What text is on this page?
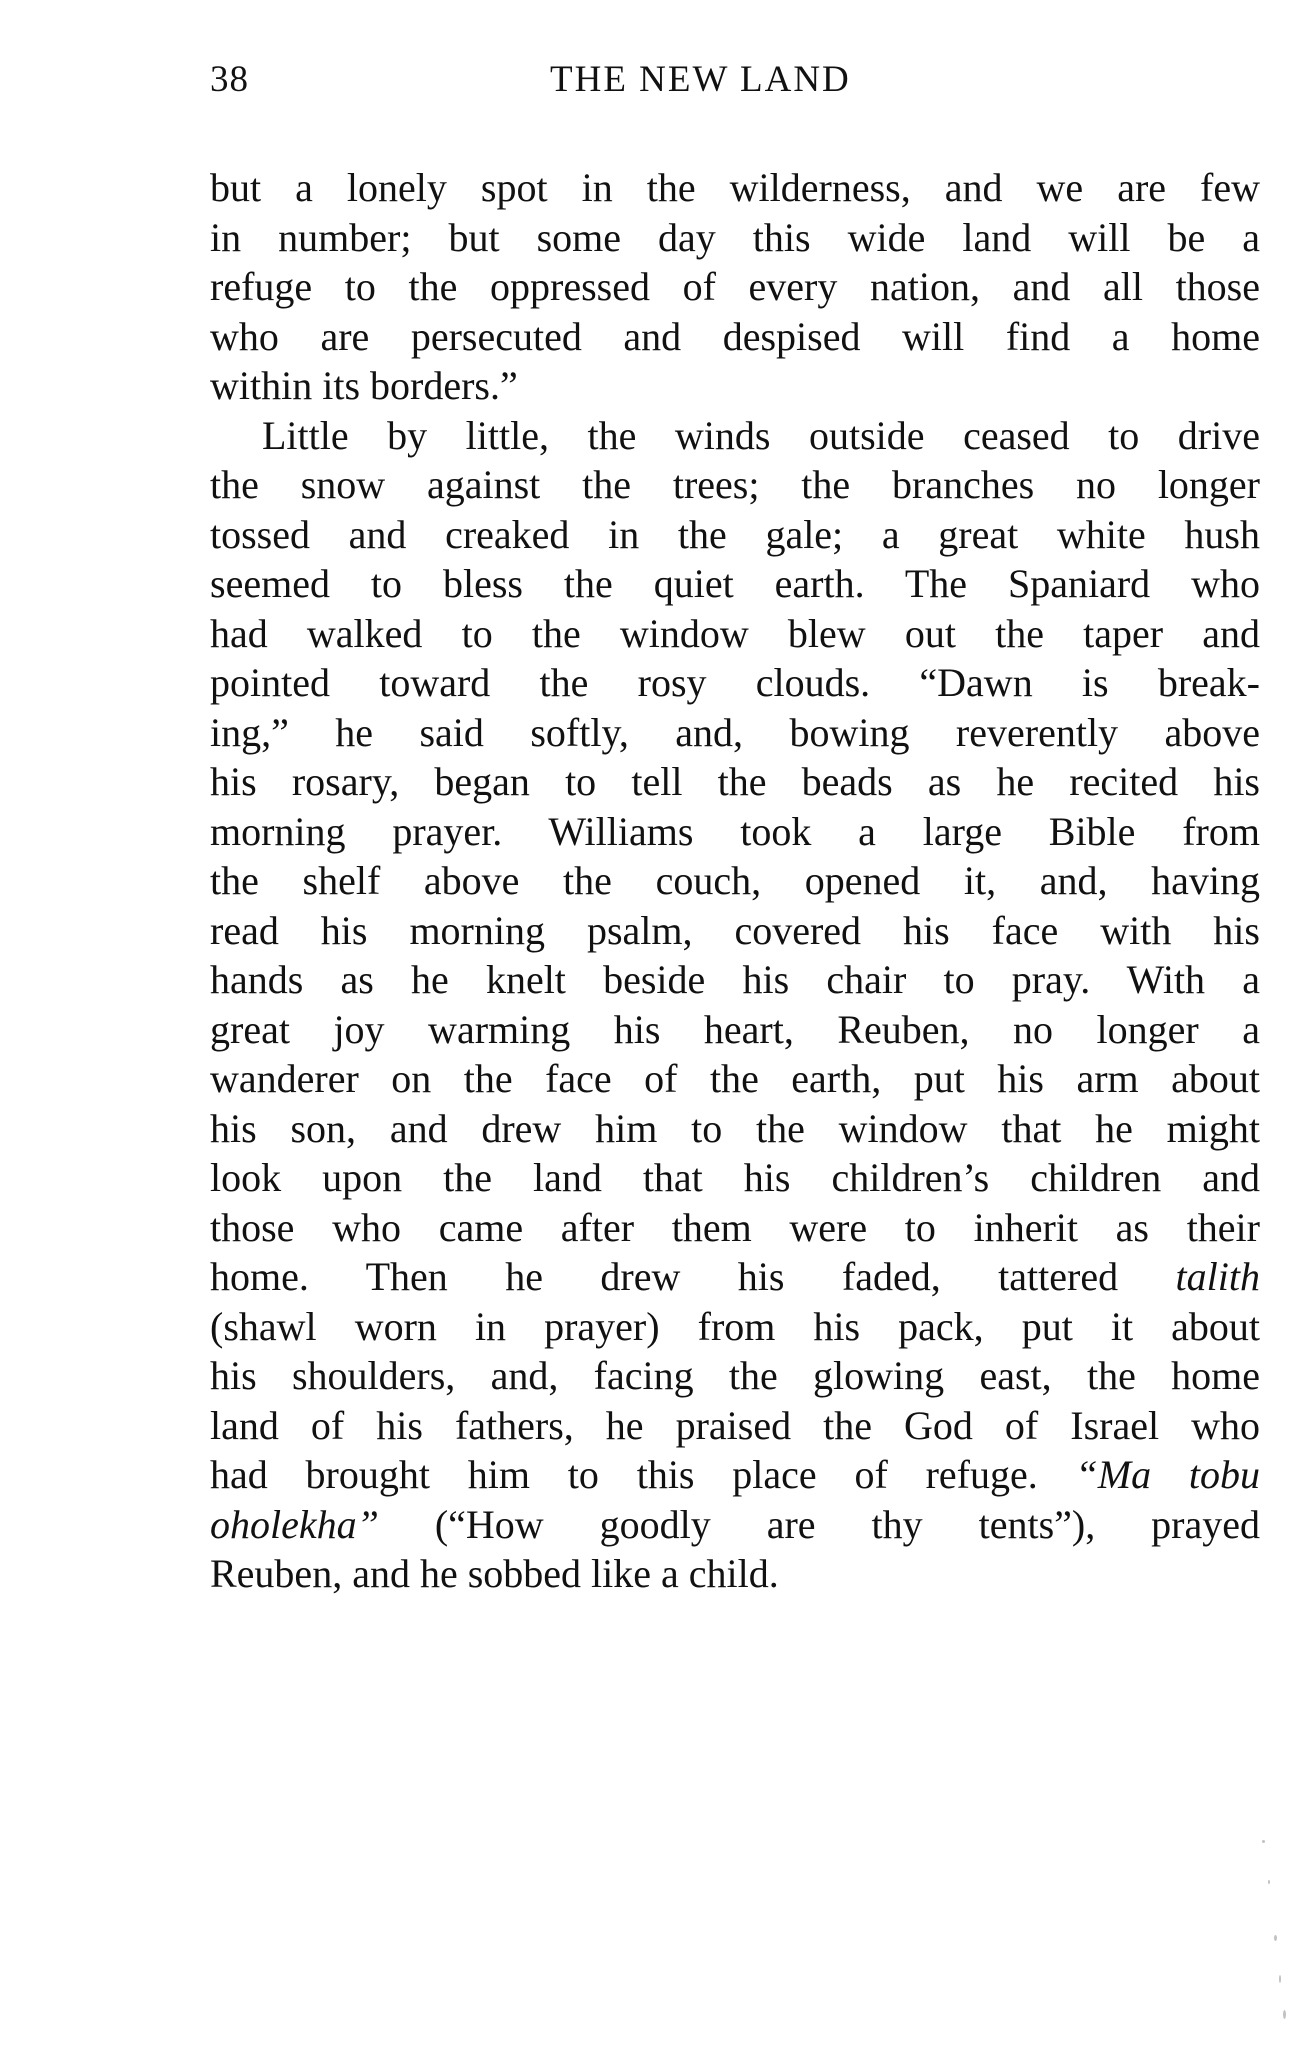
38	THE NEW LAND
but a lonely spot in the wilderness, and we are few
in number; but some day this wide land will be a
refuge to the oppressed of every nation, and all those
who are persecuted and despised will find a home
within its borders.”
Little by little, the winds outside ceased to drive
the snow against the trees; the branches no longer
tossed and creaked in the gale; a great white hush
seemed to bless the quiet earth. The Spaniard who
had walked to the window blew out the taper and
pointed toward the rosy clouds. “Dawn is break-
ing,” he said softly, and, bowing reverently above
his rosary, began to tell the beads as he recited his
morning prayer. Williams took a large Bible from
the shelf above the couch, opened it, and, having
read his morning psalm, covered his face with his
hands as he knelt beside his chair to pray. With a
great joy warming his heart, Reuben, no longer a
wanderer on the face of the earth, put his arm about
his son, and drew him to the window that he might
look upon the land that his children’s children and
those who came after them were to inherit as their
home. Then he drew his faded, tattered talith
(shawl worn in prayer) from his pack, put it about
his shoulders, and, facing the glowing east, the home
land of his fathers, he praised the God of Israel who
had brought him to this place of refuge. “Ma tobu
oholekha” (“How goodly are thy tents”), prayed
Reuben, and he sobbed like a child.
